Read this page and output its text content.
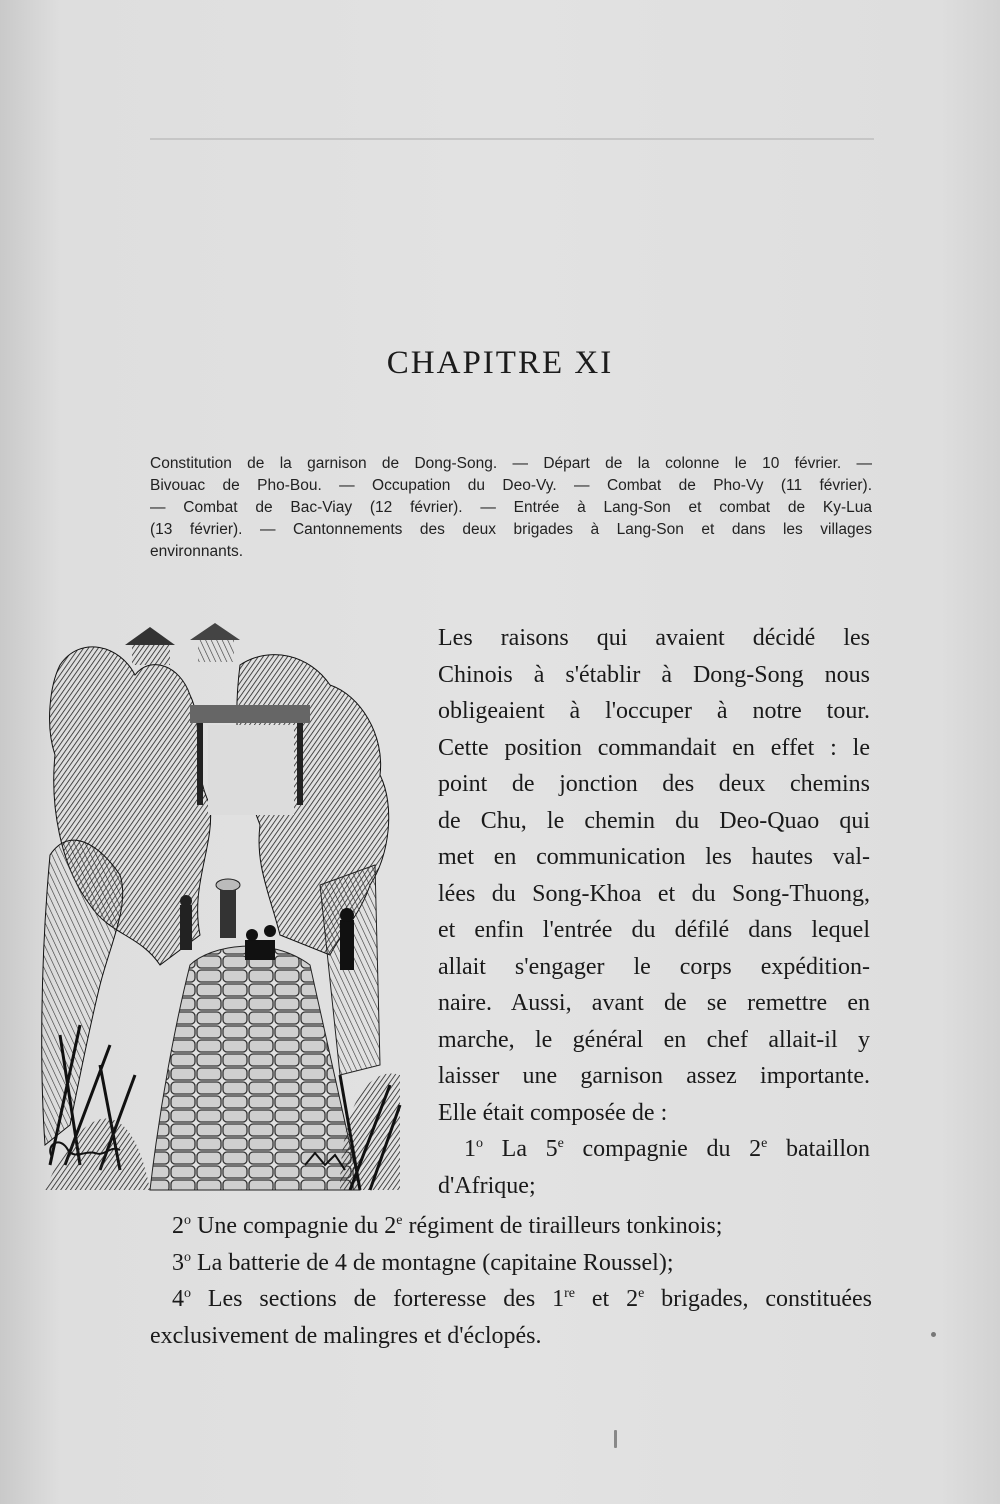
CHAPITRE XI

Constitution de la garnison de Dong-Song. — Départ de la colonne le 10 février. —

Bivouac de Pho-Bou. — Occupation du Deo-Vy. — Combat de Pho-Vy (11 février).

— Combat de Bac-Viay (12 février). — Entrée à Lang-Son et combat de Ky-Lua

(13 février). — Cantonnements des deux brigades à Lang-Son et dans les villages

environnants.

Les raisons qui avaient décidé les
Chinois à s'établir à Dong-Song nous
obligeaient à l'occuper à notre tour.
Cette position commandait en effet : le
point de jonction des deux chemins
de Chu, le chemin du Deo-Quao qui
met en communication les hautes val-
lées du Song-Khoa et du Song-Thuong,
et enfin l'entrée du défilé dans lequel
allait s'engager le corps expédition-
naire. Aussi, avant de se remettre en
marche, le général en chef allait-il y
laisser une garnison assez importante.
Elle était composée de :
1$^o$ La 5e compagnie du 2e bataillon
d'Afrique;
2$^o$ Une compagnie du 2e régiment de tirailleurs tonkinois;
3$^o$ La batterie de 4 de montagne (capitaine Roussel);
4$^o$ Les sections de forteresse des 1re et 2e brigades, constituées
exclusivement de malingres et d'éclopés.
